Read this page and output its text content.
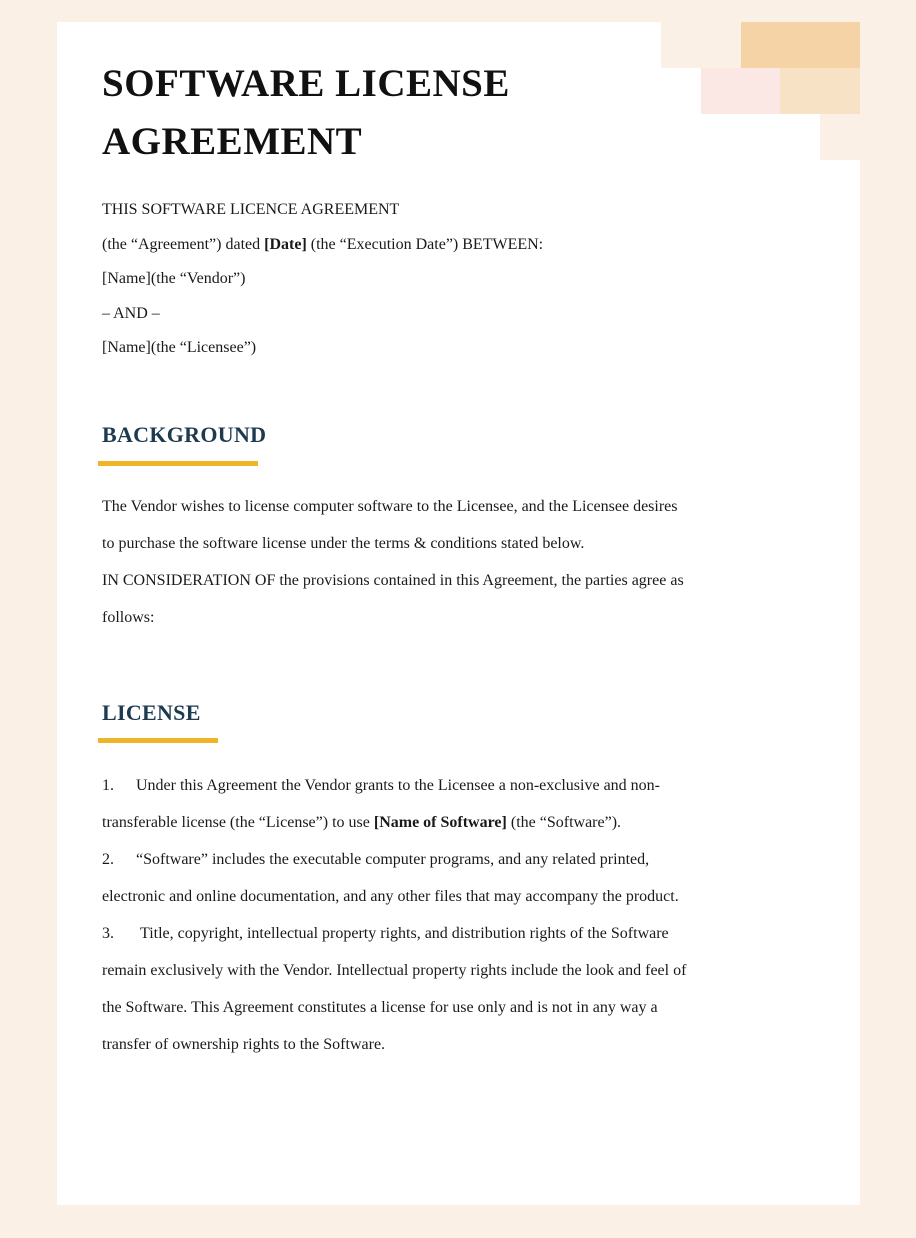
SOFTWARE LICENSE
AGREEMENT
THIS SOFTWARE LICENCE AGREEMENT
(the “Agreement”) dated [Date] (the “Execution Date”) BETWEEN:
[Name](the “Vendor”)
– AND –
[Name](the “Licensee”)
BACKGROUND

The Vendor wishes to license computer software to the Licensee, and the Licensee desires

to purchase the software license under the terms & conditions stated below.

IN CONSIDERATION OF the provisions contained in this Agreement, the parties agree as

follows:

LICENSE

1. Under this Agreement the Vendor grants to the Licensee a non-exclusive and non-

transferable license (the “License”) to use [Name of Software] (the “Software”).

2. “Software” includes the executable computer programs, and any related printed,

electronic and online documentation, and any other files that may accompany the product.

3. Title, copyright, intellectual property rights, and distribution rights of the Software

remain exclusively with the Vendor. Intellectual property rights include the look and feel of

the Software. This Agreement constitutes a license for use only and is not in any way a

transfer of ownership rights to the Software.
